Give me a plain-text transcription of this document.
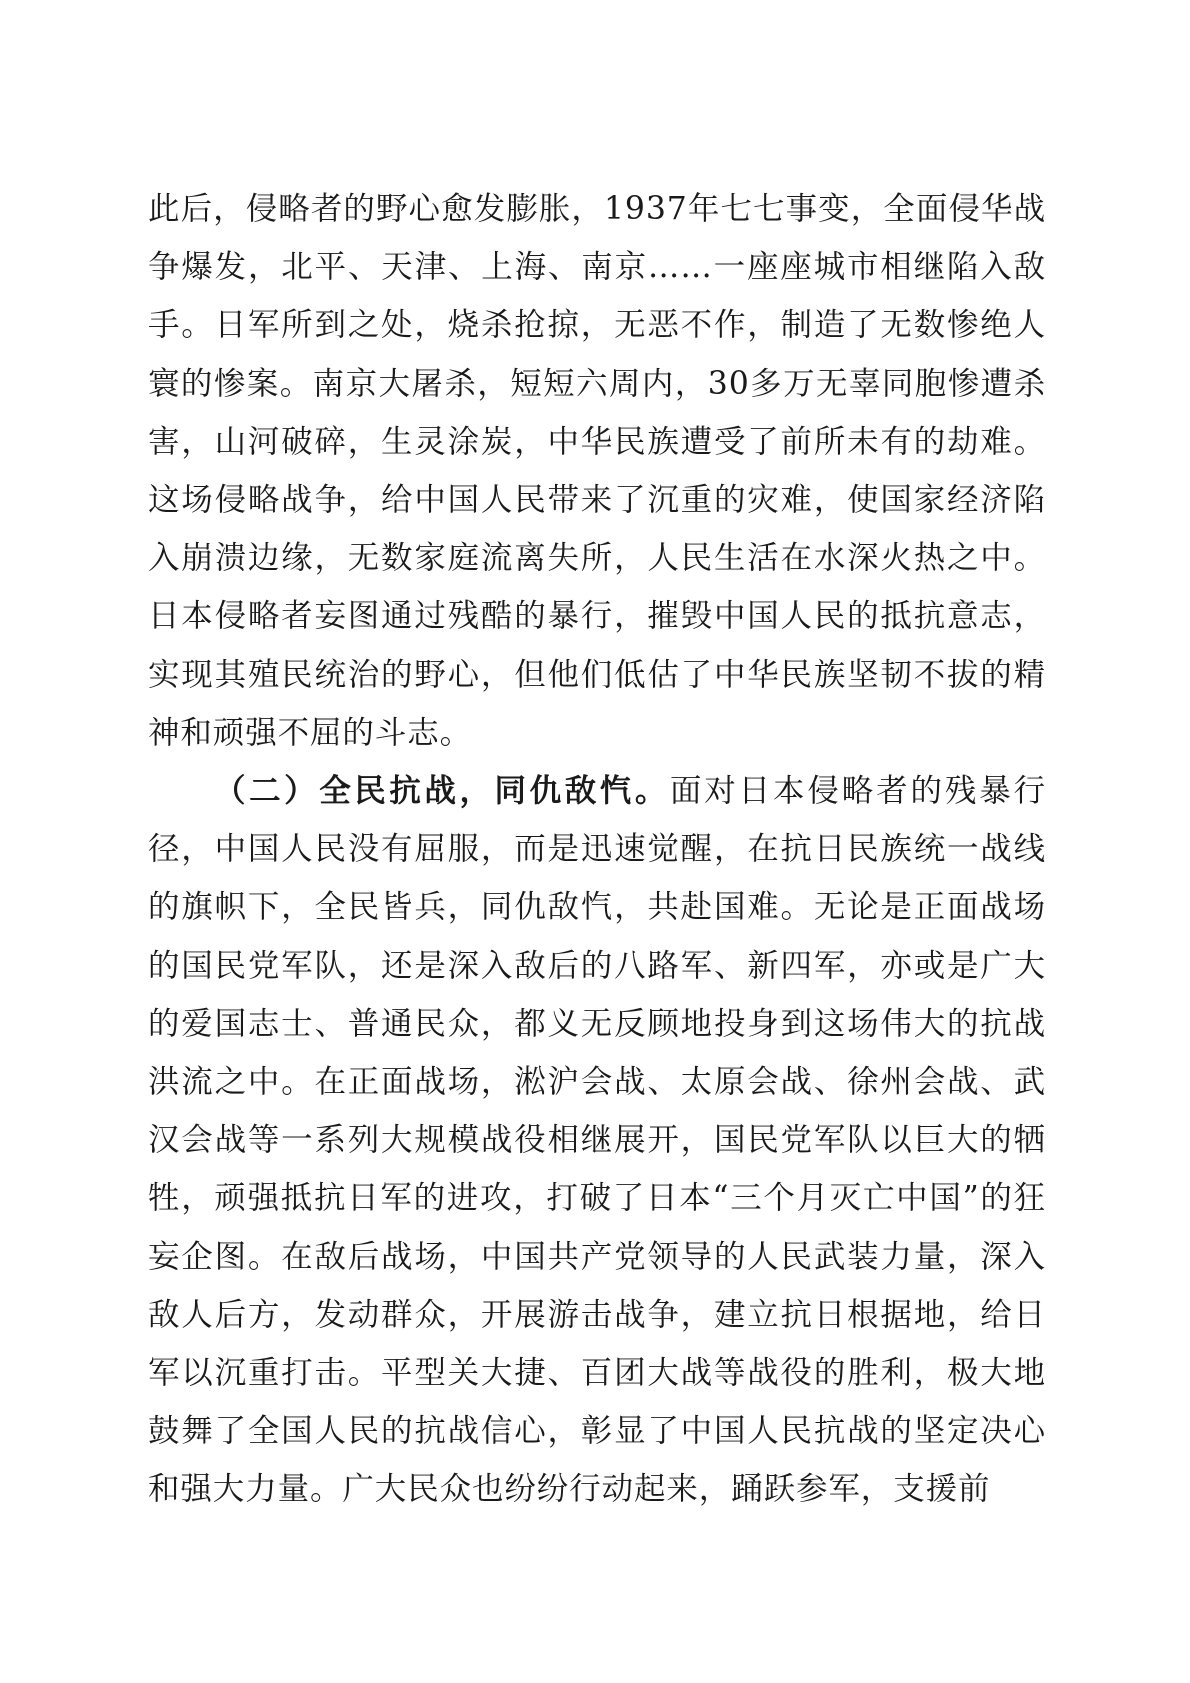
此后，侵略者的野心愈发膨胀，1937年七七事变，全面侵华战争爆发，北平、天津、上海、南京……一座座城市相继陷入敌手。日军所到之处，烧杀抢掠，无恶不作，制造了无数惨绝人寰的惨案。南京大屠杀，短短六周内，30多万无辜同胞惨遭杀害，山河破碎，生灵涂炭，中华民族遭受了前所未有的劫难。这场侵略战争，给中国人民带来了沉重的灾难，使国家经济陷入崩溃边缘，无数家庭流离失所，人民生活在水深火热之中。日本侵略者妄图通过残酷的暴行，摧毁中国人民的抵抗意志，实现其殖民统治的野心，但他们低估了中华民族坚韧不拔的精神和顽强不屈的斗志。

（二）全民抗战，同仇敌忾。面对日本侵略者的残暴行径，中国人民没有屈服，而是迅速觉醒，在抗日民族统一战线的旗帜下，全民皆兵，同仇敌忾，共赴国难。无论是正面战场的国民党军队，还是深入敌后的八路军、新四军，亦或是广大的爱国志士、普通民众，都义无反顾地投身到这场伟大的抗战洪流之中。在正面战场，淞沪会战、太原会战、徐州会战、武汉会战等一系列大规模战役相继展开，国民党军队以巨大的牺牲，顽强抵抗日军的进攻，打破了日本“三个月灭亡中国”的狂妄企图。在敌后战场，中国共产党领导的人民武装力量，深入敌人后方，发动群众，开展游击战争，建立抗日根据地，给日军以沉重打击。平型关大捷、百团大战等战役的胜利，极大地鼓舞了全国人民的抗战信心，彰显了中国人民抗战的坚定决心和强大力量。广大民众也纷纷行动起来，踊跃参军，支援前
